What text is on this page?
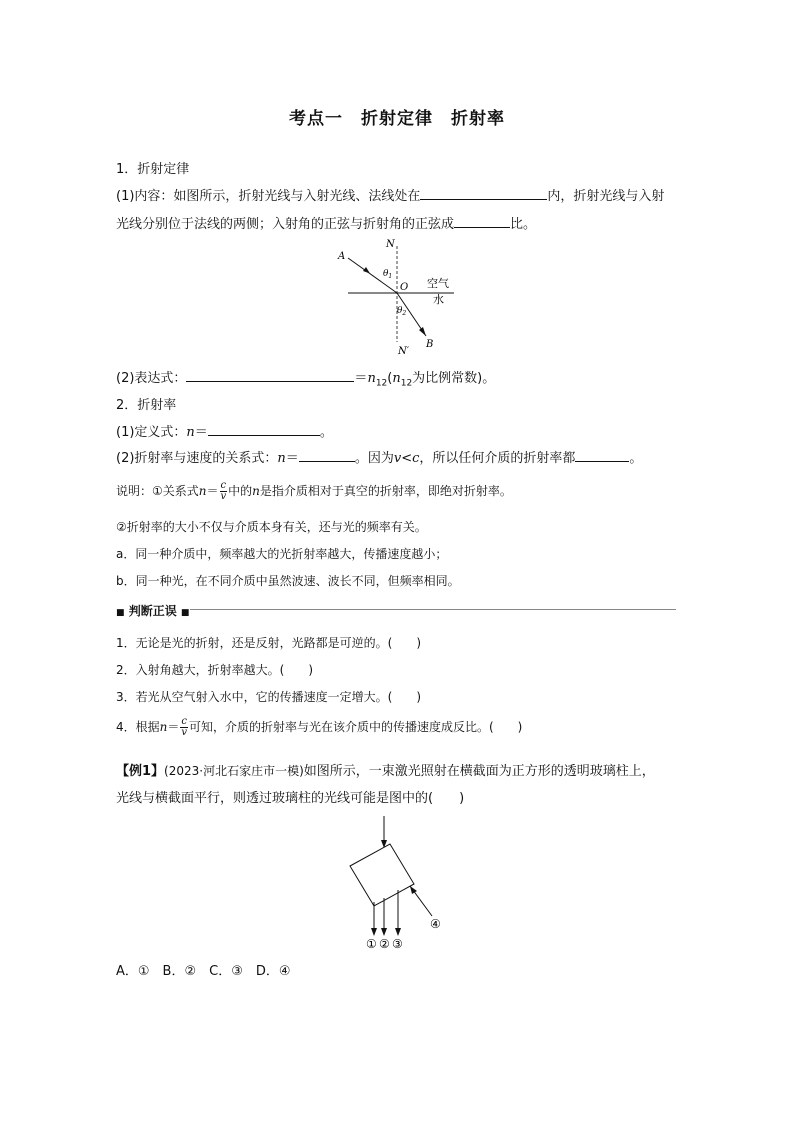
考点一　折射定律　折射率
1．折射定律
(1)内容：如图所示，折射光线与入射光线、法线处在	内，折射光线与入射
光线分别位于法线的两侧；入射角的正弦与折射角的正弦成	比。
A
N
$\theta_1$
O 空气
水
$\theta_2$
B
N′
(2)表达式：	$=n_{12}(n_{12}$为比例常数)。
2．折射率
(1)定义式：n＝	。
(2)折射率与速度的关系式：n＝	。因为v<c，所以任何介质的折射率都	。
说明：①关系式$n= \frac{c}{v}$ 中的n是指介质相对于真空的折射率，即绝对折射率。
②折射率的大小不仅与介质本身有关，还与光的频率有关。
a．同一种介质中，频率越大的光折射率越大，传播速度越小；
b．同一种光，在不同介质中虽然波速、波长不同，但频率相同。
■ 判断正误 ■
1．无论是光的折射，还是反射，光路都是可逆的。(　　)
2．入射角越大，折射率越大。(　　)
3．若光从空气射入水中，它的传播速度一定增大。(　　)
4．根据$n= \frac{c}{v}$ 可知，介质的折射率与光在该介质中的传播速度成反比。(　　)
【例1】(2023·河北石家庄市一模)如图所示，一束激光照射在横截面为正方形的透明玻璃柱上，
光线与横截面平行，则透过玻璃柱的光线可能是图中的(　　)
① ② ③
④
A．①　B．②　C．③　D．④
